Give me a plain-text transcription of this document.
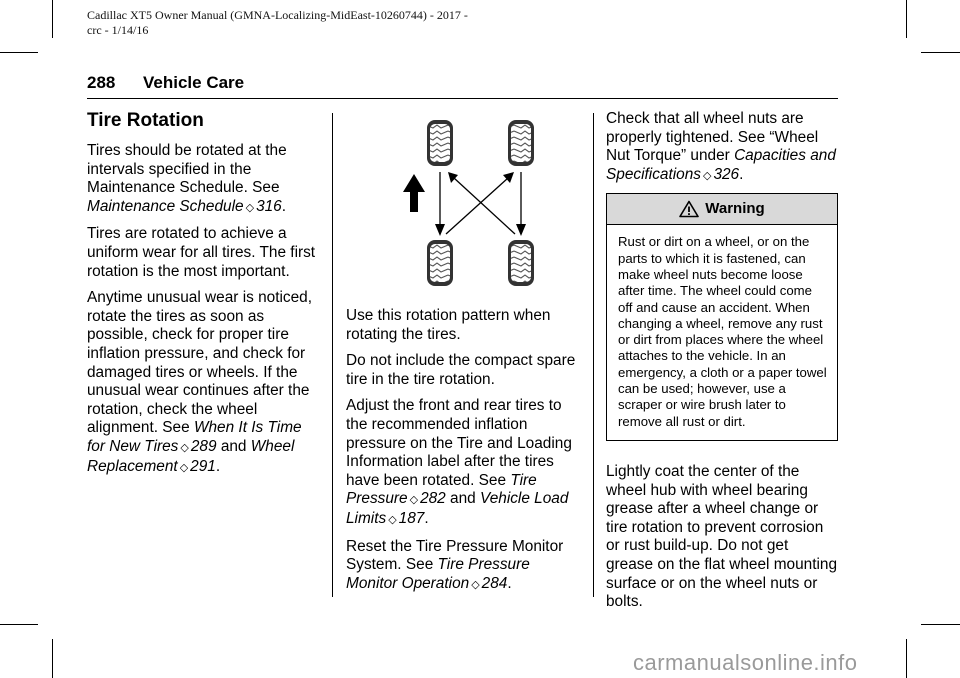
Cadillac XT5 Owner Manual (GMNA-Localizing-MidEast-10260744) - 2017 -
crc - 1/14/16
288 Vehicle Care
Tire Rotation

Tires should be rotated at the intervals specified in the Maintenance Schedule. See
Maintenance Schedule ◇ 316.

Tires are rotated to achieve a uniform wear for all tires. The first rotation is the most important.

Anytime unusual wear is noticed, rotate the tires as soon as possible, check for proper tire inflation pressure, and check for damaged tires or wheels. If the unusual wear continues after the rotation, check the wheel alignment. See When It Is Time for New Tires ◇ 289 and Wheel Replacement ◇ 291.

Use this rotation pattern when rotating the tires.

Do not include the compact spare tire in the tire rotation.

Adjust the front and rear tires to the recommended inflation pressure on the Tire and Loading Information label after the tires have been rotated. See Tire Pressure ◇ 282 and Vehicle Load Limits ◇ 187.

Reset the Tire Pressure Monitor System. See Tire Pressure Monitor Operation ◇ 284.

Check that all wheel nuts are properly tightened. See “Wheel Nut Torque” under Capacities and Specifications ◇ 326.

Warning
Rust or dirt on a wheel, or on the parts to which it is fastened, can make wheel nuts become loose after time. The wheel could come off and cause an accident. When changing a wheel, remove any rust or dirt from places where the wheel attaches to the vehicle. In an emergency, a cloth or a paper towel can be used; however, use a scraper or wire brush later to remove all rust or dirt.

Lightly coat the center of the wheel hub with wheel bearing grease after a wheel change or tire rotation to prevent corrosion or rust build-up. Do not get grease on the flat wheel mounting surface or on the wheel nuts or bolts.

carmanualsonline.info
